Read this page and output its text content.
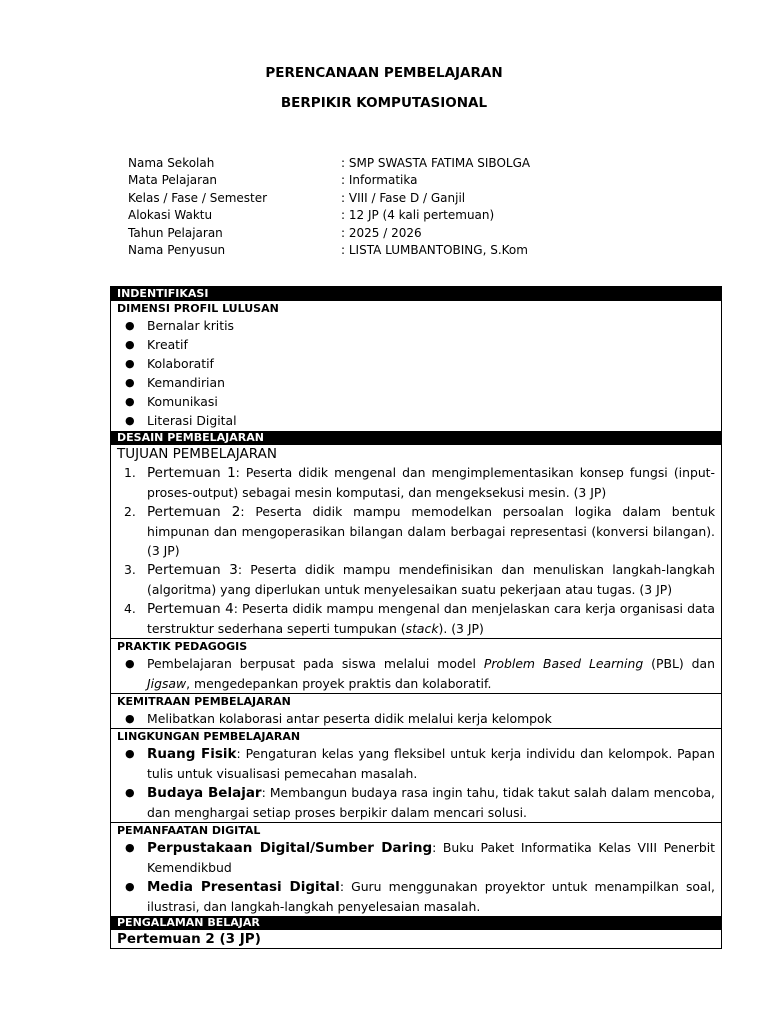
PERENCANAAN PEMBELAJARAN
BERPIKIR KOMPUTASIONAL
Nama Sekolah	: SMP SWASTA FATIMA SIBOLGA
Mata Pelajaran	: Informatika
Kelas / Fase / Semester	: VIII / Fase D / Ganjil
Alokasi Waktu	: 12 JP (4 kali pertemuan)
Tahun Pelajaran	: 2025 / 2026
Nama Penyusun	: LISTA LUMBANTOBING, S.Kom
INDENTIFIKASI
DIMENSI PROFIL LULUSAN
● Bernalar kritis
● Kreatif
● Kolaboratif
● Kemandirian
● Komunikasi
● Literasi Digital
DESAIN PEMBELAJARAN
TUJUAN PEMBELAJARAN
1. Pertemuan 1: Peserta didik mengenal dan mengimplementasikan konsep fungsi (input-proses-output) sebagai mesin komputasi, dan mengeksekusi mesin. (3 JP)
2. Pertemuan 2: Peserta didik mampu memodelkan persoalan logika dalam bentuk himpunan dan mengoperasikan bilangan dalam berbagai representasi (konversi bilangan). (3 JP)
3. Pertemuan 3: Peserta didik mampu mendefinisikan dan menuliskan langkah-langkah (algoritma) yang diperlukan untuk menyelesaikan suatu pekerjaan atau tugas. (3 JP)
4. Pertemuan 4: Peserta didik mampu mengenal dan menjelaskan cara kerja organisasi data terstruktur sederhana seperti tumpukan (stack). (3 JP)
PRAKTIK PEDAGOGIS
● Pembelajaran berpusat pada siswa melalui model Problem Based Learning (PBL) dan Jigsaw, mengedepankan proyek praktis dan kolaboratif.
KEMITRAAN PEMBELAJARAN
● Melibatkan kolaborasi antar peserta didik melalui kerja kelompok
LINGKUNGAN PEMBELAJARAN
● Ruang Fisik: Pengaturan kelas yang fleksibel untuk kerja individu dan kelompok. Papan tulis untuk visualisasi pemecahan masalah.
● Budaya Belajar: Membangun budaya rasa ingin tahu, tidak takut salah dalam mencoba, dan menghargai setiap proses berpikir dalam mencari solusi.
PEMANFAATAN DIGITAL
● Perpustakaan Digital/Sumber Daring: Buku Paket Informatika Kelas VIII Penerbit Kemendikbud
● Media Presentasi Digital: Guru menggunakan proyektor untuk menampilkan soal, ilustrasi, dan langkah-langkah penyelesaian masalah.
PENGALAMAN BELAJAR
Pertemuan 2 (3 JP)
